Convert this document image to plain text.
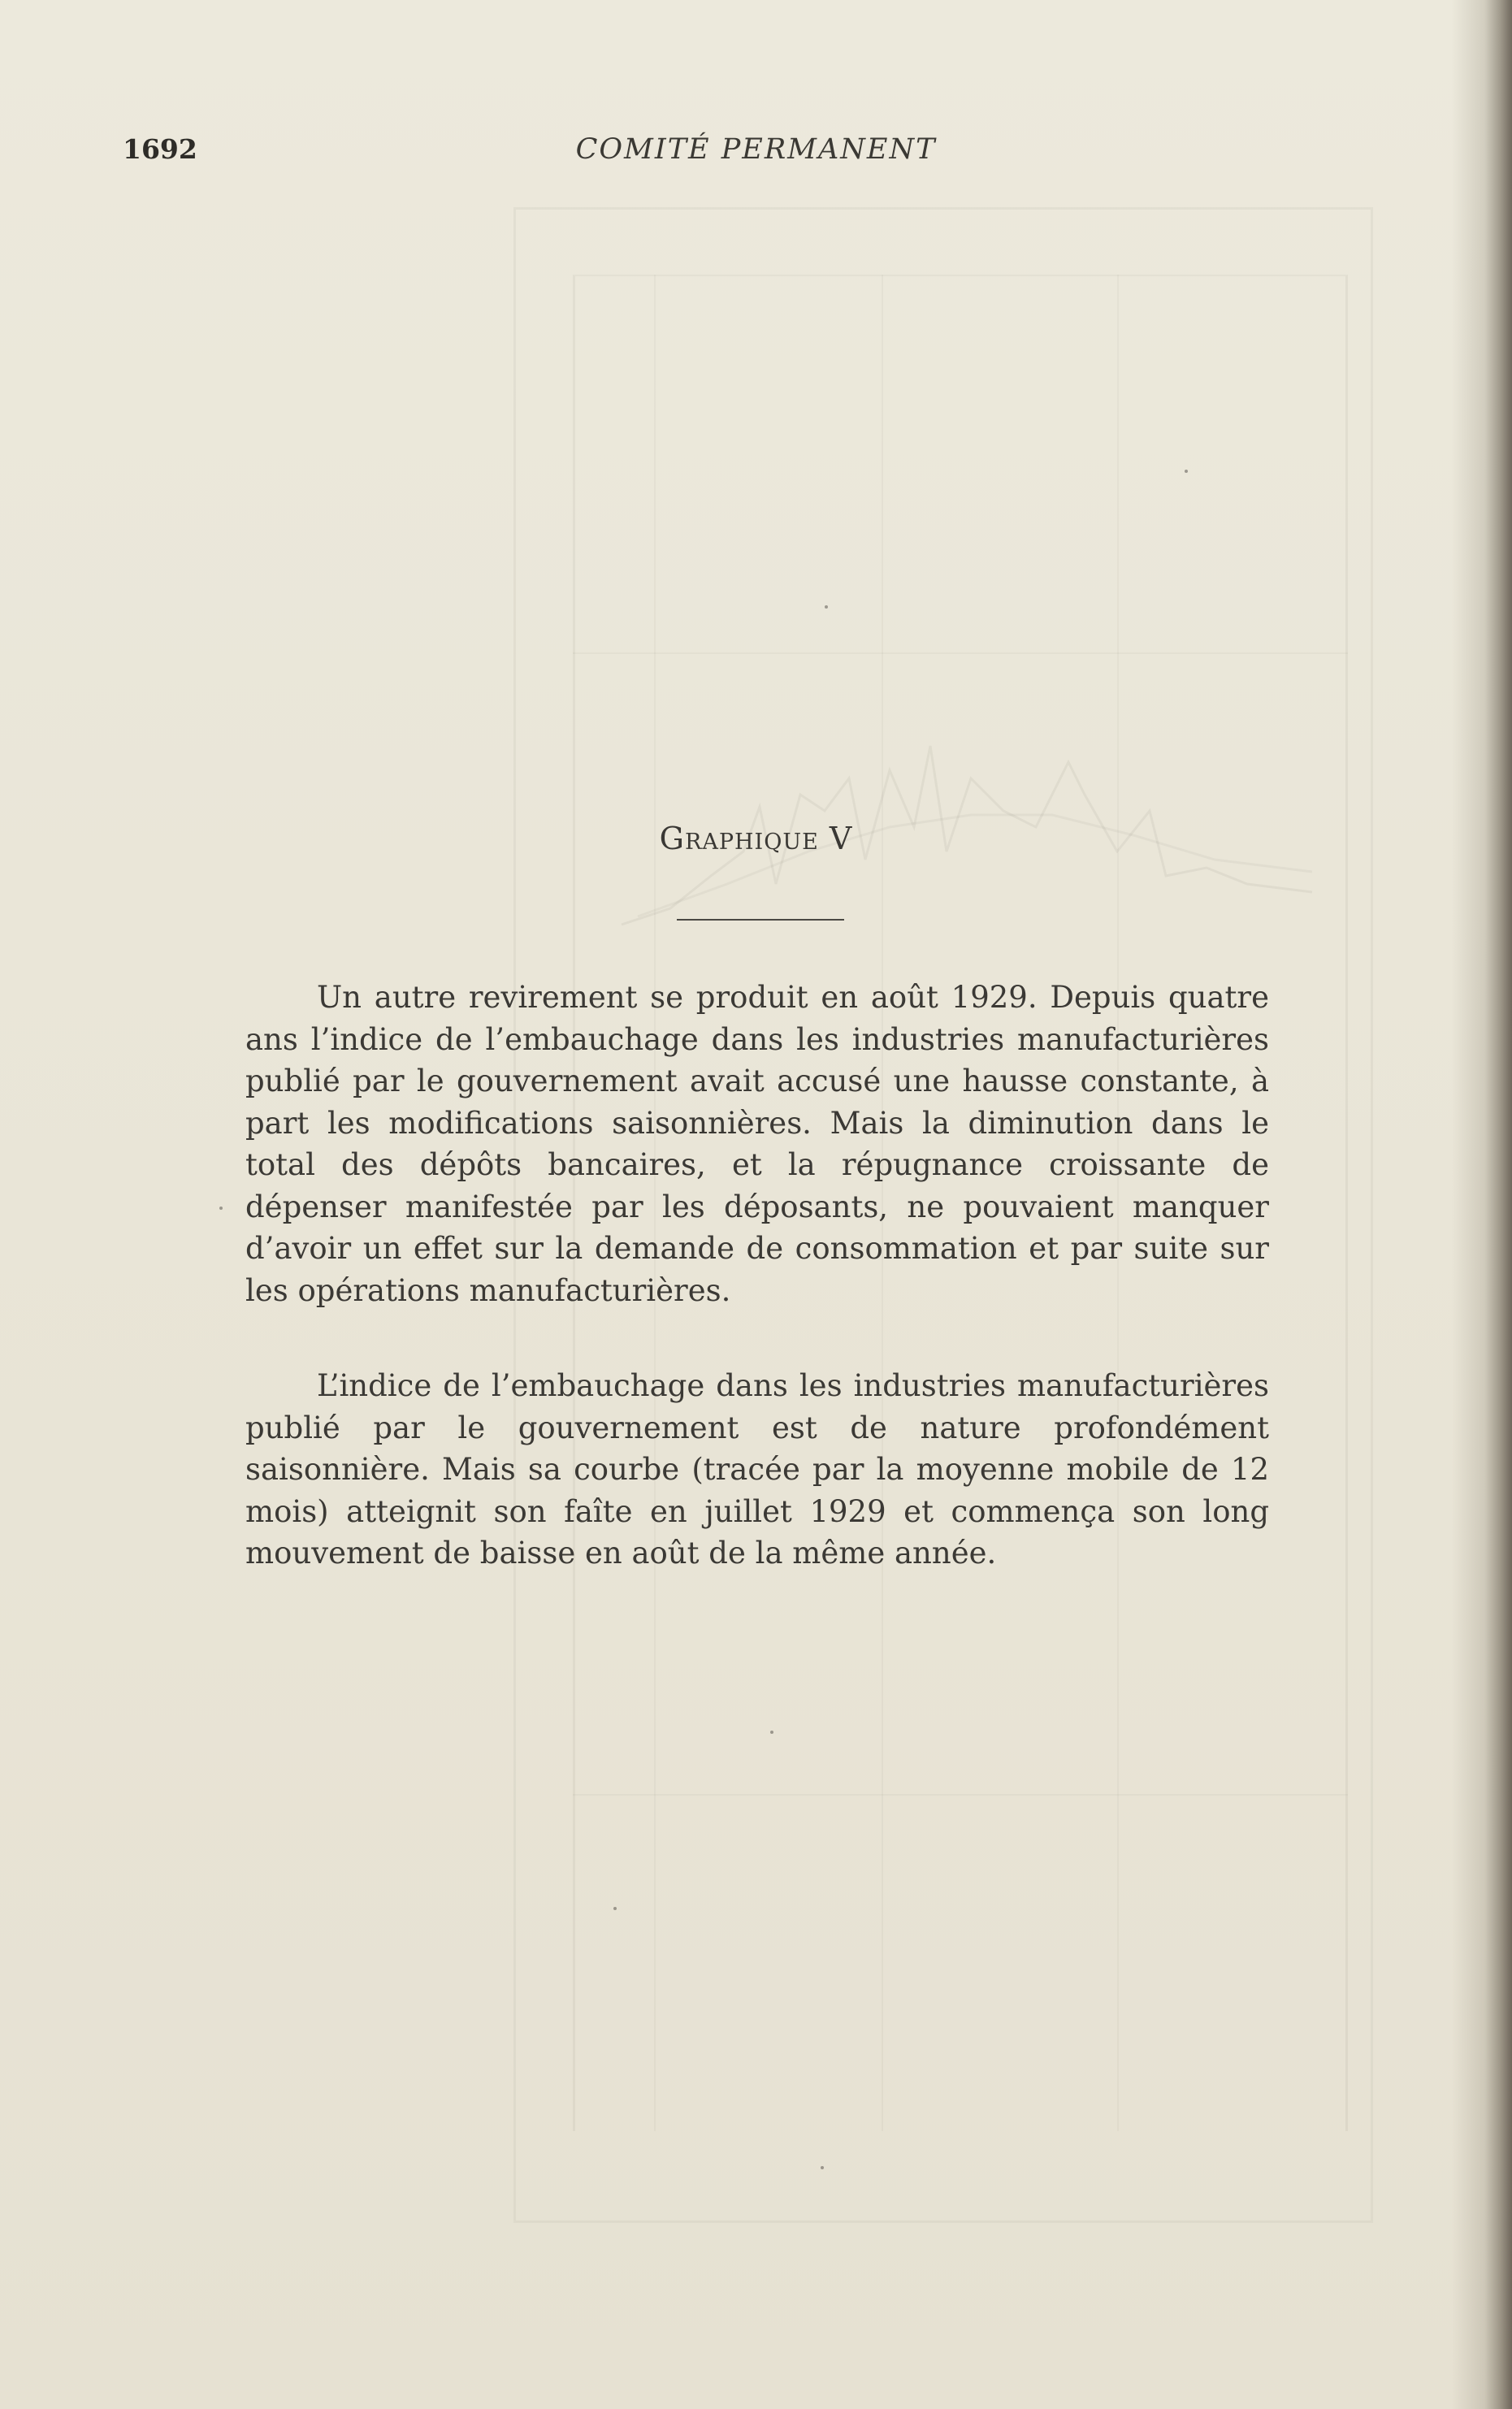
1692	COMITÉ PERMANENT
Graphique V

Un autre revirement se produit en août 1929. Depuis quatre ans l’indice de l’embauchage dans les industries manufacturières publié par le gouvernement avait accusé une hausse constante, à part les modifications saisonnières. Mais la diminution dans le total des dépôts bancaires, et la répugnance croissante de dépenser manifestée par les déposants, ne pouvaient manquer d’avoir un effet sur la demande de consommation et par suite sur les opérations manufacturières.

L’indice de l’embauchage dans les industries manufacturières publié par le gouvernement est de nature profondément saisonnière. Mais sa courbe (tracée par la moyenne mobile de 12 mois) atteignit son faîte en juillet 1929 et commença son long mouvement de baisse en août de la même année.
